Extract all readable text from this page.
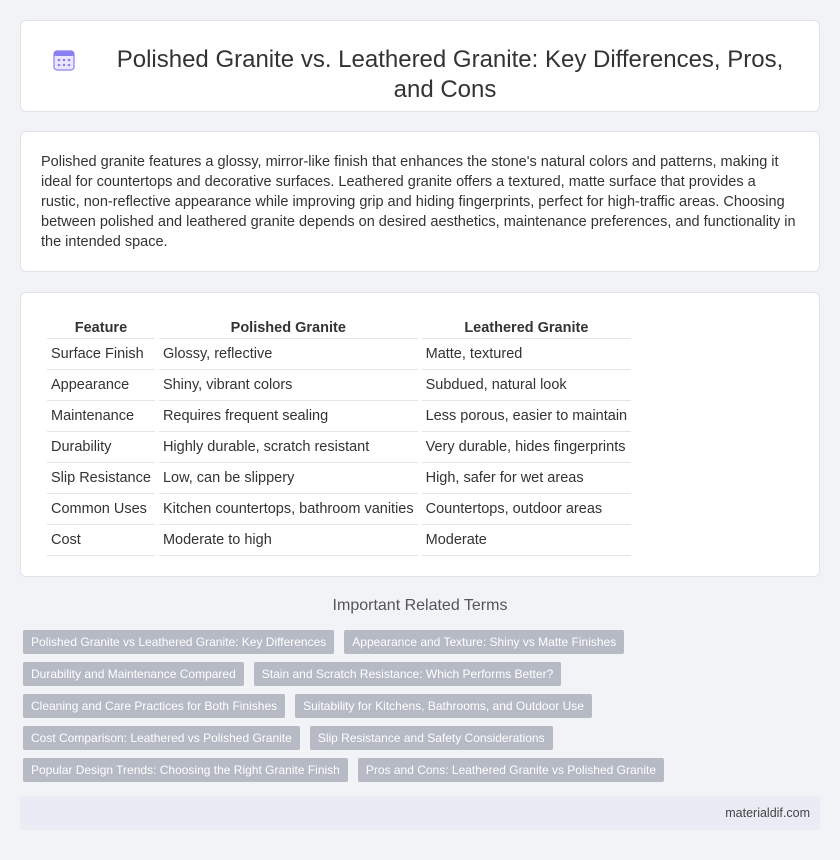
Polished Granite vs. Leathered Granite: Key Differences, Pros, and Cons

Polished granite features a glossy, mirror-like finish that enhances the stone's natural colors and patterns, making it ideal for countertops and decorative surfaces. Leathered granite offers a textured, matte surface that provides a rustic, non-reflective appearance while improving grip and hiding fingerprints, perfect for high-traffic areas. Choosing between polished and leathered granite depends on desired aesthetics, maintenance preferences, and functionality in the intended space.

Feature	Polished Granite	Leathered Granite
Surface Finish	Glossy, reflective	Matte, textured
Appearance	Shiny, vibrant colors	Subdued, natural look
Maintenance	Requires frequent sealing	Less porous, easier to maintain
Durability	Highly durable, scratch resistant	Very durable, hides fingerprints
Slip Resistance	Low, can be slippery	High, safer for wet areas
Common Uses	Kitchen countertops, bathroom vanities	Countertops, outdoor areas
Cost	Moderate to high	Moderate
Important Related Terms
Polished Granite vs Leathered Granite: Key Differences Appearance and Texture: Shiny vs Matte Finishes
Durability and Maintenance Compared Stain and Scratch Resistance: Which Performs Better?
Cleaning and Care Practices for Both Finishes Suitability for Kitchens, Bathrooms, and Outdoor Use
Cost Comparison: Leathered vs Polished Granite Slip Resistance and Safety Considerations
Popular Design Trends: Choosing the Right Granite Finish Pros and Cons: Leathered Granite vs Polished Granite
materialdif.com
